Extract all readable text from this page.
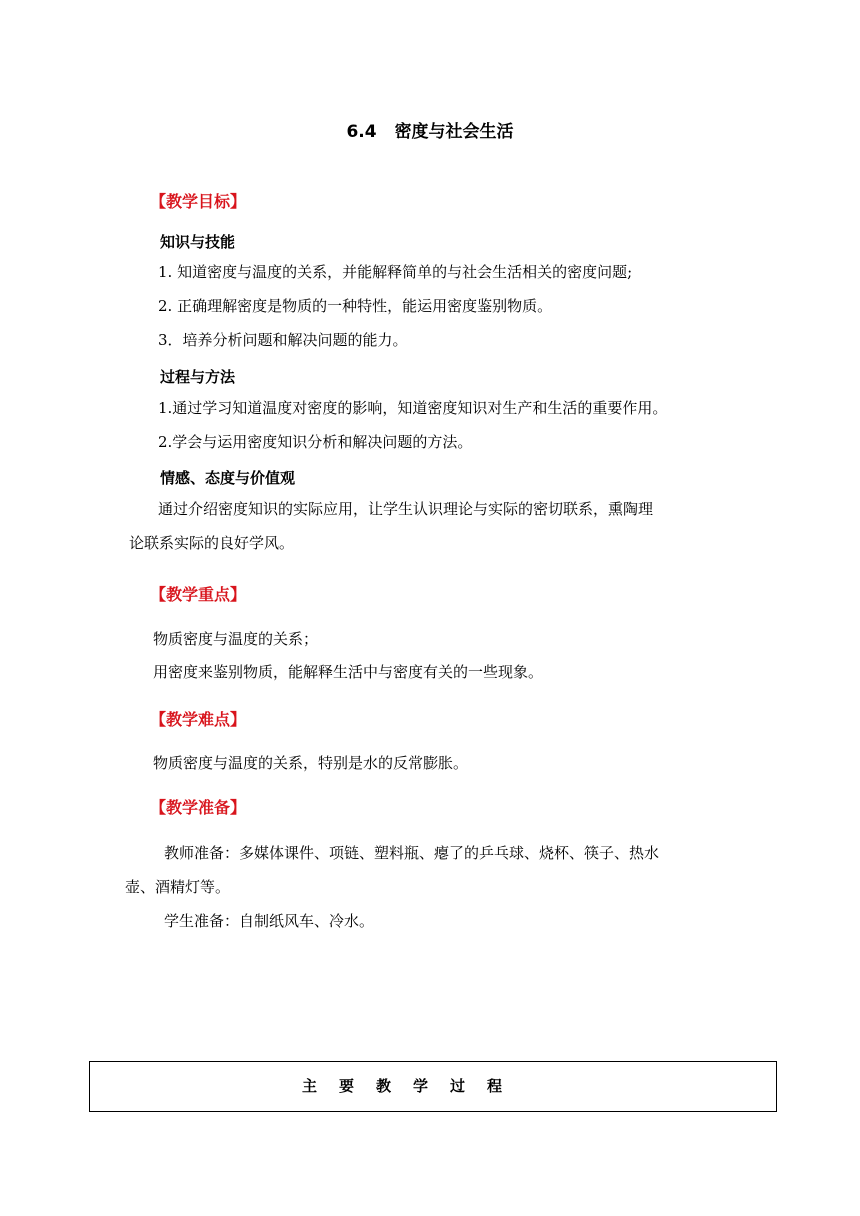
6.4 密度与社会生活
【教学目标】
知识与技能
1. 知道密度与温度的关系，并能解释简单的与社会生活相关的密度问题;
2. 正确理解密度是物质的一种特性，能运用密度鉴别物质。
3．培养分析问题和解决问题的能力。
过程与方法
1.通过学习知道温度对密度的影响，知道密度知识对生产和生活的重要作用。
2.学会与运用密度知识分析和解决问题的方法。
情感、态度与价值观
通过介绍密度知识的实际应用，让学生认识理论与实际的密切联系，熏陶理
论联系实际的良好学风。
【教学重点】
物质密度与温度的关系；
用密度来鉴别物质，能解释生活中与密度有关的一些现象。
【教学难点】
物质密度与温度的关系，特别是水的反常膨胀。
【教学准备】
教师准备：多媒体课件、项链、塑料瓶、瘪了的乒乓球、烧杯、筷子、热水
壶、酒精灯等。
学生准备：自制纸风车、冷水。
主要教学过程
